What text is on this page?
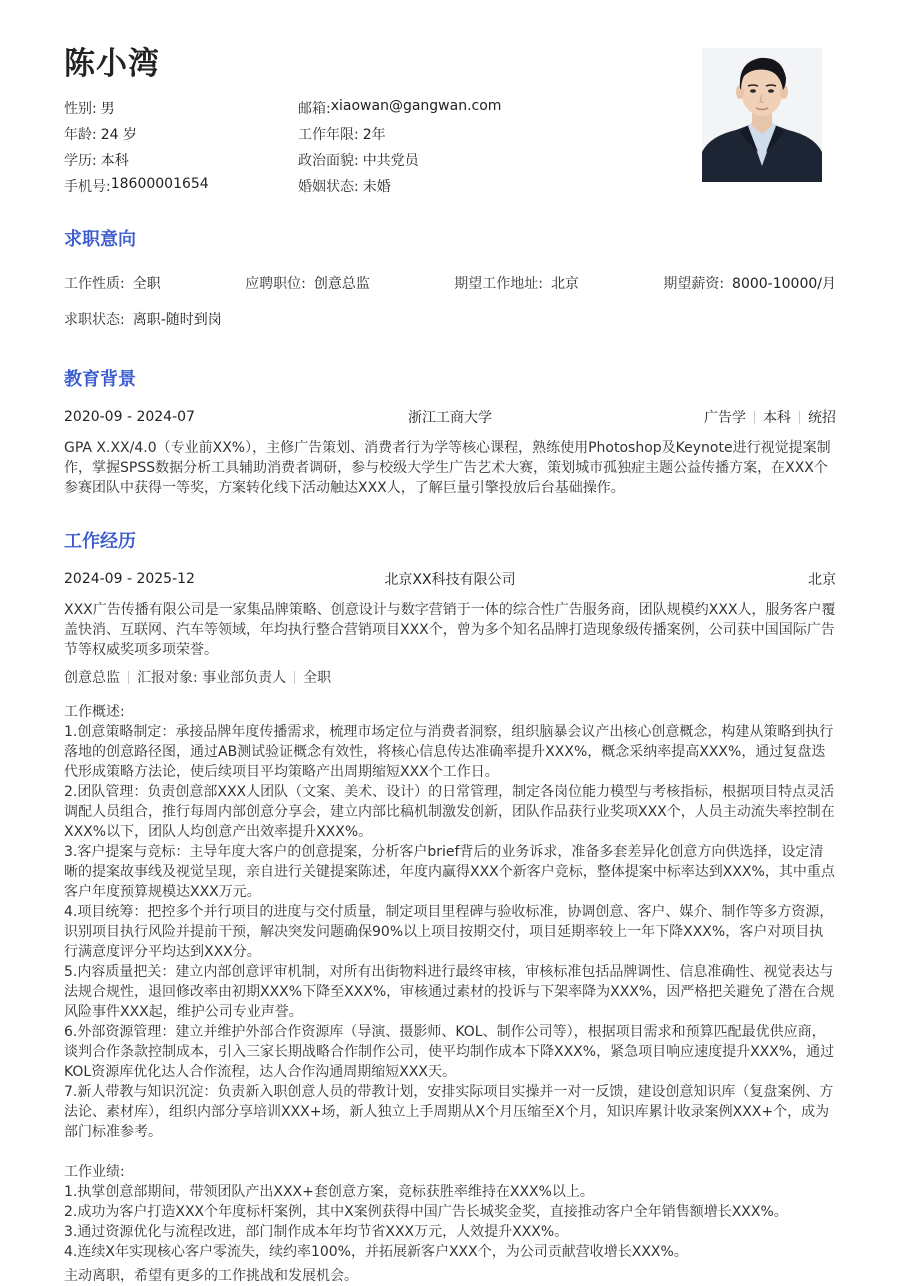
陈小湾
性别: 男	邮箱: xiaowan@gangwan.com
年龄: 24 岁	工作年限: 2年
学历: 本科	政治面貌: 中共党员
手机号: 18600001654	婚姻状态: 未婚
求职意向
工作性质: 全职	应聘职位: 创意总监	期望工作地址: 北京	期望薪资: 8000-10000/月
求职状态: 离职-随时到岗
教育背景
2020-09 - 2024-07	浙江工商大学	广告学 本科 统招

GPA X.XX/4.0（专业前XX%），主修广告策划、消费者行为学等核心课程，熟练使用Photoshop及Keynote进行视觉提案制作，掌握SPSS数据分析工具辅助消费者调研，参与校级大学生广告艺术大赛，策划城市孤独症主题公益传播方案，在XXX个参赛团队中获得一等奖，方案转化线下活动触达XXX人，了解巨量引擎投放后台基础操作。

工作经历
2024-09 - 2025-12	北京XX科技有限公司	北京

XXX广告传播有限公司是一家集品牌策略、创意设计与数字营销于一体的综合性广告服务商，团队规模约XXX人，服务客户覆盖快消、互联网、汽车等领域，年均执行整合营销项目XXX个，曾为多个知名品牌打造现象级传播案例，公司获中国国际广告节等权威奖项多项荣誉。

创意总监 汇报对象: 事业部负责人 全职

工作概述:

1.创意策略制定：承接品牌年度传播需求，梳理市场定位与消费者洞察，组织脑暴会议产出核心创意概念，构建从策略到执行落地的创意路径图，通过AB测试验证概念有效性，将核心信息传达准确率提升XXX%，概念采纳率提高XXX%，通过复盘迭代形成策略方法论，使后续项目平均策略产出周期缩短XXX个工作日。

2.团队管理：负责创意部XXX人团队（文案、美术、设计）的日常管理，制定各岗位能力模型与考核指标，根据项目特点灵活调配人员组合，推行每周内部创意分享会，建立内部比稿机制激发创新，团队作品获行业奖项XXX个，人员主动流失率控制在XXX%以下，团队人均创意产出效率提升XXX%。

3.客户提案与竞标：主导年度大客户的创意提案，分析客户brief背后的业务诉求，准备多套差异化创意方向供选择，设定清晰的提案故事线及视觉呈现，亲自进行关键提案陈述，年度内赢得XXX个新客户竞标，整体提案中标率达到XXX%，其中重点客户年度预算规模达XXX万元。

4.项目统筹：把控多个并行项目的进度与交付质量，制定项目里程碑与验收标准，协调创意、客户、媒介、制作等多方资源，识别项目执行风险并提前干预，解决突发问题确保90%以上项目按期交付，项目延期率较上一年下降XXX%，客户对项目执行满意度评分平均达到XXX分。

5.内容质量把关：建立内部创意评审机制，对所有出街物料进行最终审核，审核标准包括品牌调性、信息准确性、视觉表达与法规合规性，退回修改率由初期XXX%下降至XXX%，审核通过素材的投诉与下架率降为XXX%，因严格把关避免了潜在合规风险事件XXX起，维护公司专业声誉。

6.外部资源管理：建立并维护外部合作资源库（导演、摄影师、KOL、制作公司等），根据项目需求和预算匹配最优供应商，谈判合作条款控制成本，引入三家长期战略合作制作公司，使平均制作成本下降XXX%，紧急项目响应速度提升XXX%，通过KOL资源库优化达人合作流程，达人合作沟通周期缩短XXX天。

7.新人带教与知识沉淀：负责新入职创意人员的带教计划，安排实际项目实操并一对一反馈，建设创意知识库（复盘案例、方法论、素材库），组织内部分享培训XXX+场，新人独立上手周期从X个月压缩至X个月，知识库累计收录案例XXX+个，成为部门标准参考。

工作业绩:

1.执掌创意部期间，带领团队产出XXX+套创意方案，竞标获胜率维持在XXX%以上。

2.成功为客户打造XXX个年度标杆案例，其中X案例获得中国广告长城奖金奖，直接推动客户全年销售额增长XXX%。

3.通过资源优化与流程改进，部门制作成本年均节省XXX万元，人效提升XXX%。

4.连续X年实现核心客户零流失，续约率100%，并拓展新客户XXX个，为公司贡献营收增长XXX%。

主动离职，希望有更多的工作挑战和发展机会。
